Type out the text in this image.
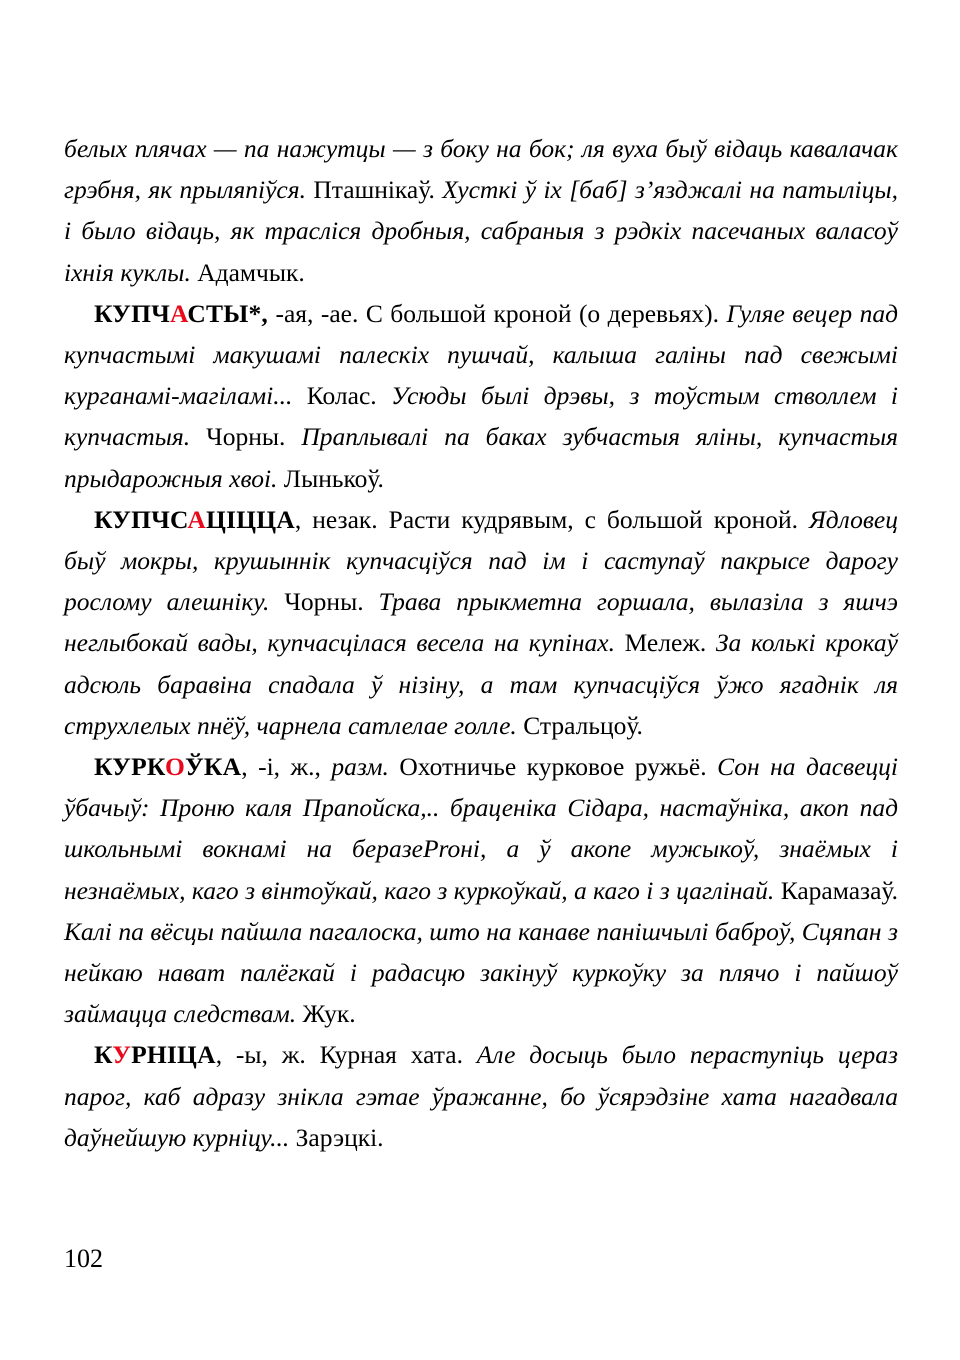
белых плячах — па нажутцы — з боку на бок; ля вуха быў відаць кавалачак грэбня, як прыляпіўся. Пташнікаў. Хусткі ў іх [баб] з’язджалі на патыліцы, і было відаць, як трасліся дробныя, сабраныя з рэдкіх пасечаных валасоў іхнія куклы. Адамчык.

КУПЧАСТЫ*, -ая, -ае. С большой кроной (о деревьях). Гуляе вецер пад купчастымі макушамі палескіх пушчай, калыша галіны пад свежымі курганамі-магіламі... Колас. Усюды былі дрэвы, з тоўстым стволлем і купчастыя. Чорны. Праплывалі па баках зубчастыя яліны, купчастыя прыдарожныя хвоі. Лынькоў.

КУПЧСАЦІЦЦА, незак. Расти кудрявым, с большой кроной. Ядловец быў мокры, крушыннік купчасціўся пад ім і саступаў пакрысе дарогу рослому алешніку. Чорны. Трава прыкметна горшала, вылазіла з яшчэ неглыбокай вады, купчасцілася весела на купінах. Мележ. За колькі крокаў адсюль баравіна спадала ў нізіну, а там купчасціўся ўжо ягаднік ля струхлелых пнёў, чарнела сатлелае голле. Стральцоў.

КУРКОЎКА, -і, ж., разм. Охотничье курковое ружьё. Сон на дасвецці ўбачыў: Проню каля Прапойска,.. браценіка Сідара, настаўніка, акоп пад школьнымі вокнамі на беразеProні, а ў акопе мужыкоў, знаёмых і незнаёмых, каго з вінтоўкай, каго з куркоўкай, а каго і з цаглінай. Карамазаў. Калі па вёсцы пайшла пагалоска, што на канаве панішчылі баброў, Сцяпан з нейкаю нават палёгкай і радасцю закінуў куркоўку за плячо і пайшоў займацца следствам. Жук.

КУРНІЦА, -ы, ж. Курная хата. Але досыць было пераступіць цераз парог, каб адразу знікла гэтае ўражанне, бо ўсярэдзіне хата нагадвала даўнейшую курніцу... Зарэцкі.

102
